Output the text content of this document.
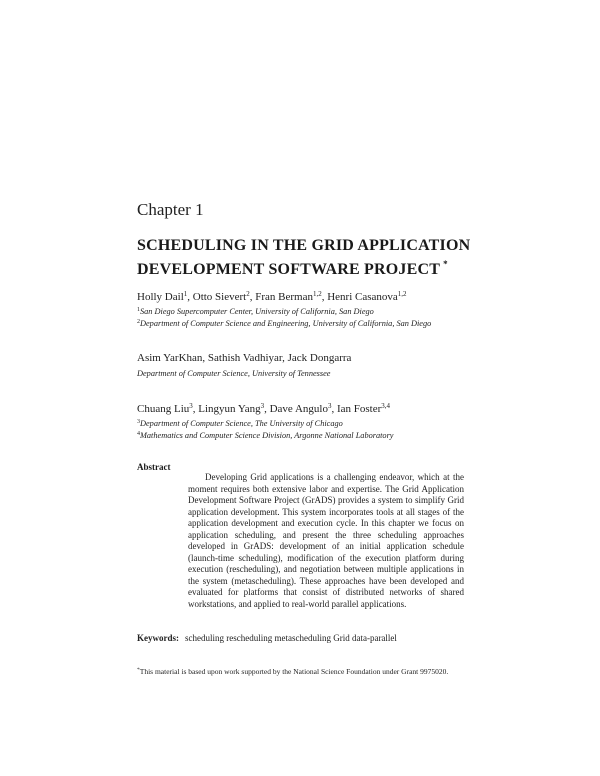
Chapter 1
SCHEDULING IN THE GRID APPLICATION
DEVELOPMENT SOFTWARE PROJECT *
Holly Dail$^1$, Otto Sievert$^2$, Fran Berman$^{1,2}$, Henri Casanova$^{1,2}$
$^1$San Diego Supercomputer Center, University of California, San Diego
$^2$Department of Computer Science and Engineering, University of California, San Diego
Asim YarKhan, Sathish Vadhiyar, Jack Dongarra
Department of Computer Science, University of Tennessee
Chuang Liu$^3$, Lingyun Yang$^3$, Dave Angulo$^3$, Ian Foster$^{3,4}$
$^3$Department of Computer Science, The University of Chicago
$^4$Mathematics and Computer Science Division, Argonne National Laboratory
Abstract
Developing Grid applications is a challenging endeavor, which at the moment requires both extensive labor and expertise. The Grid Application Development Software Project (GrADS) provides a system to simplify Grid application development. This system incorporates tools at all stages of the application development and execution cycle. In this chapter we focus on application scheduling, and present the three scheduling approaches developed in GrADS: development of an initial application schedule (launch-time scheduling), modification of the execution platform during execution (rescheduling), and negotiation between multiple applications in the system (metascheduling). These approaches have been developed and evaluated for platforms that consist of distributed networks of shared workstations, and applied to real-world parallel applications.
Keywords: scheduling rescheduling metascheduling Grid data-parallel
*This material is based upon work supported by the National Science Foundation under Grant 9975020.
